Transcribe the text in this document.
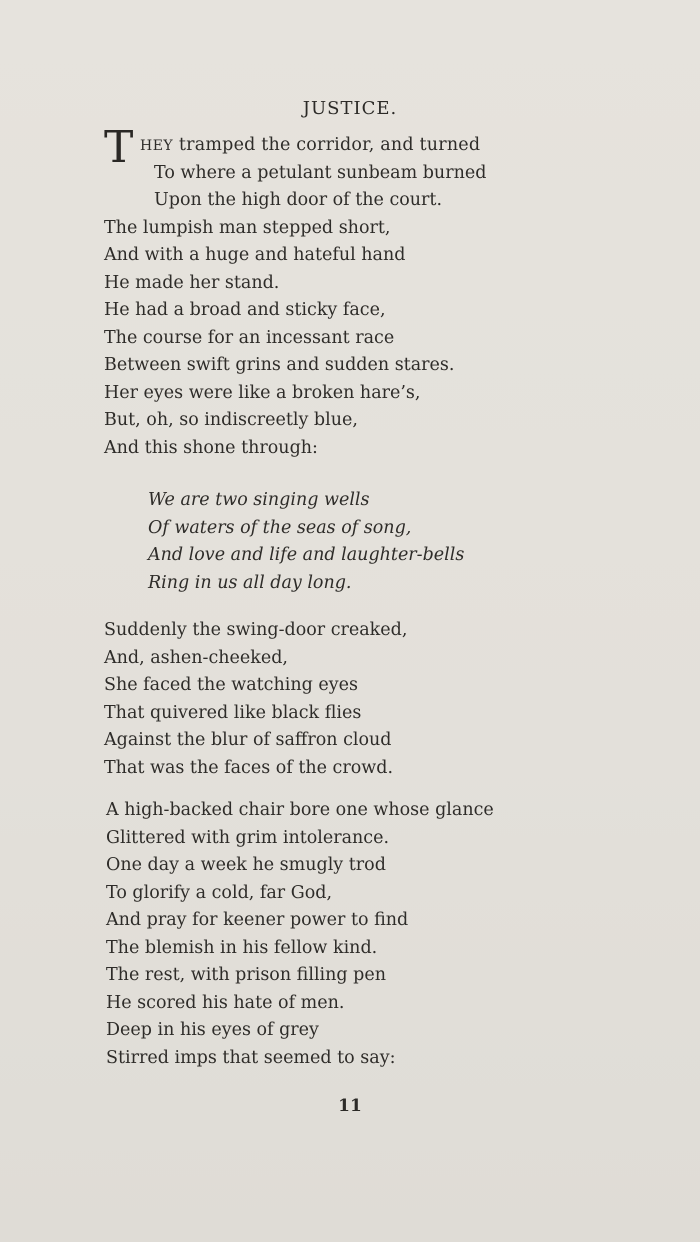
JUSTICE.
T HEY tramped the corridor, and turned
To where a petulant sunbeam burned
Upon the high door of the court.
The lumpish man stepped short,
And with a huge and hateful hand
He made her stand.
He had a broad and sticky face,
The course for an incessant race
Between swift grins and sudden stares.
Her eyes were like a broken hare’s,
But, oh, so indiscreetly blue,
And this shone through:
We are two singing wells
Of waters of the seas of song,
And love and life and laughter-bells
Ring in us all day long.
Suddenly the swing-door creaked,
And, ashen-cheeked,
She faced the watching eyes
That quivered like black flies
Against the blur of saffron cloud
That was the faces of the crowd.
A high-backed chair bore one whose glance
Glittered with grim intolerance.
One day a week he smugly trod
To glorify a cold, far God,
And pray for keener power to find
The blemish in his fellow kind.
The rest, with prison filling pen
He scored his hate of men.
Deep in his eyes of grey
Stirred imps that seemed to say:
11
